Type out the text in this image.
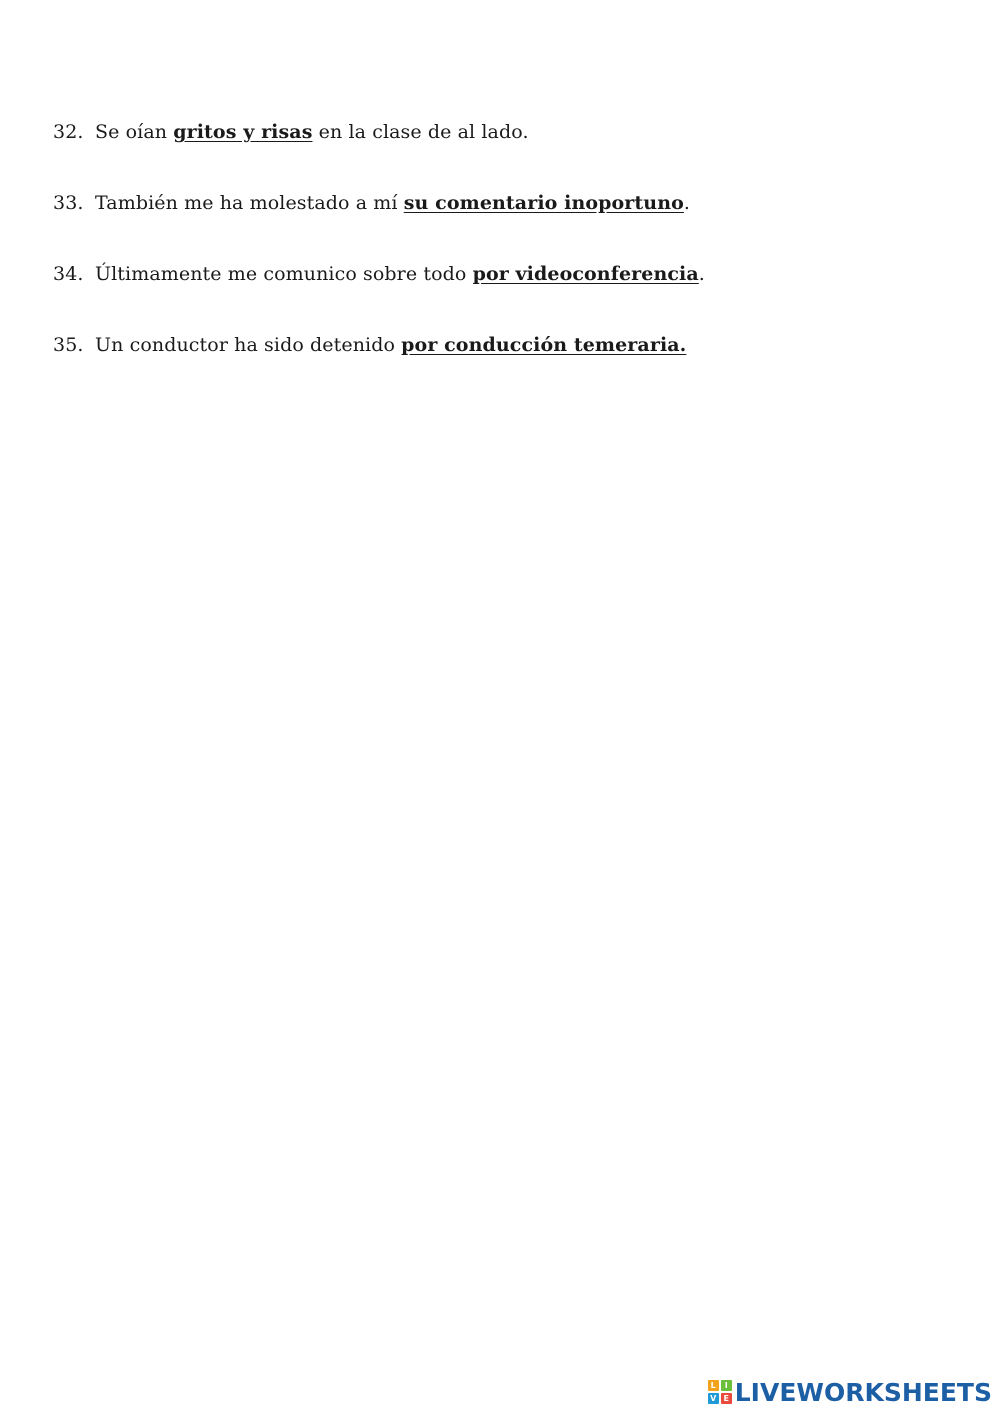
32. Se oían gritos y risas en la clase de al lado.
33. También me ha molestado a mí su comentario inoportuno.
34. Últimamente me comunico sobre todo por videoconferencia.
35. Un conductor ha sido detenido por conducción temeraria.
L	I
V E LIVEWORKSHEETS
